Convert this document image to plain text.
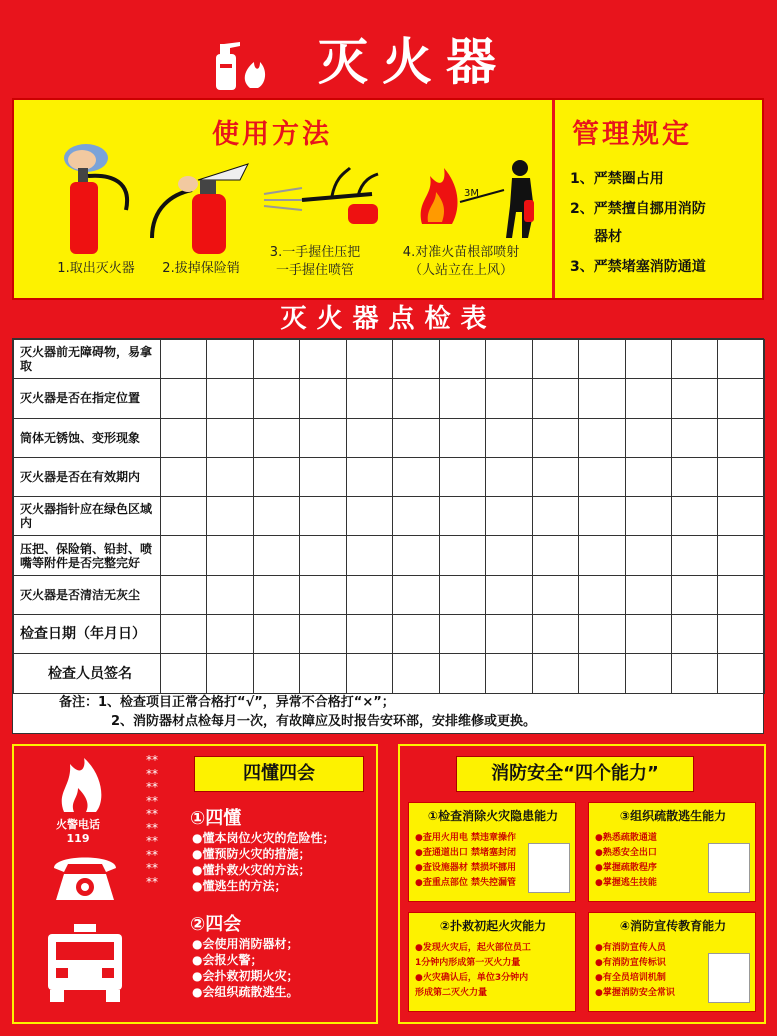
灭火器
使用方法
3M
1.取出灭火器	2.拔掉保险销
3.一手握住压把
一手握住喷管
4.对准火苗根部喷射
（人站立在上风）
管理规定
1、严禁圈占用
2、严禁擅自挪用消防
器材
3、严禁堵塞消防通道
灭火器点检表
灭火器前无障碍物，易拿取													
灭火器是否在指定位置													
筒体无锈蚀、变形现象													
灭火器是否在有效期内													
灭火器指针应在绿色区域内													
压把、保险销、铅封、喷嘴等附件是否完整完好													
灭火器是否清洁无灰尘													
检查日期（年月日）													
检查人员签名													
备注：1、检查项目正常合格打“√”，异常不合格打“×”；
2、消防器材点检每月一次，有故障应及时报告安环部，安排维修或更换。
火警电话
119
********************
四懂四会
①四懂
●懂本岗位火灾的危险性；
●懂预防火灾的措施；
●懂扑救火灾的方法；
●懂逃生的方法；
②四会
●会使用消防器材；
●会报火警；
●会扑救初期火灾；
●会组织疏散逃生。
消防安全“四个能力”
①检查消除火灾隐患能力
●查用火用电 禁违章操作
●查通道出口 禁堵塞封闭
●查设施器材 禁损坏挪用
●查重点部位 禁失控漏管
③组织疏散逃生能力
●熟悉疏散通道
●熟悉安全出口
●掌握疏散程序
●掌握逃生技能
②扑救初起火灾能力
●发现火灾后，起火部位员工
1分钟内形成第一灭火力量
●火灾确认后，单位3分钟内
形成第二灭火力量
④消防宣传教育能力
●有消防宣传人员
●有消防宣传标识
●有全员培训机制
●掌握消防安全常识
